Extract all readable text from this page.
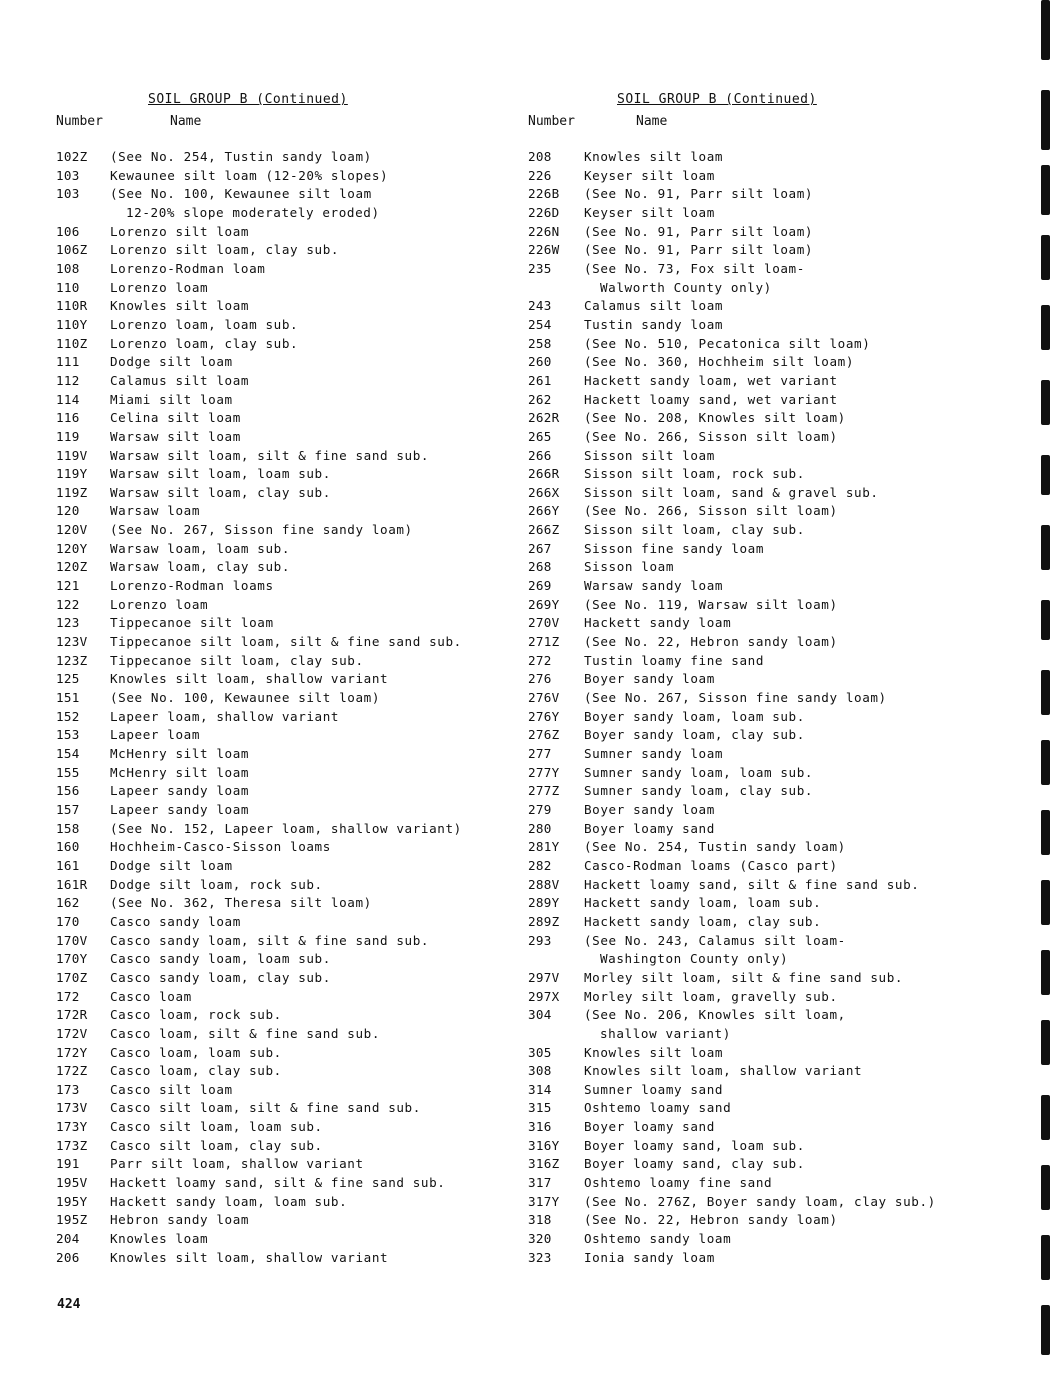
SOIL GROUP B (Continued)
Number	Name
102Z	(See No. 254, Tustin sandy loam)
103	Kewaunee silt loam (12-20% slopes)
103	(See No. 100, Kewaunee silt loam
12-20% slope moderately eroded)
106	Lorenzo silt loam
106Z	Lorenzo silt loam, clay sub.
108	Lorenzo-Rodman loam
110	Lorenzo loam
110R	Knowles silt loam
110Y	Lorenzo loam, loam sub.
110Z	Lorenzo loam, clay sub.
111	Dodge silt loam
112	Calamus silt loam
114	Miami silt loam
116	Celina silt loam
119	Warsaw silt loam
119V	Warsaw silt loam, silt & fine sand sub.
119Y	Warsaw silt loam, loam sub.
119Z	Warsaw silt loam, clay sub.
120	Warsaw loam
120V	(See No. 267, Sisson fine sandy loam)
120Y	Warsaw loam, loam sub.
120Z	Warsaw loam, clay sub.
121	Lorenzo-Rodman loams
122	Lorenzo loam
123	Tippecanoe silt loam
123V	Tippecanoe silt loam, silt & fine sand sub.
123Z	Tippecanoe silt loam, clay sub.
125	Knowles silt loam, shallow variant
151	(See No. 100, Kewaunee silt loam)
152	Lapeer loam, shallow variant
153	Lapeer loam
154	McHenry silt loam
155	McHenry silt loam
156	Lapeer sandy loam
157	Lapeer sandy loam
158	(See No. 152, Lapeer loam, shallow variant)
160	Hochheim-Casco-Sisson loams
161	Dodge silt loam
161R	Dodge silt loam, rock sub.
162	(See No. 362, Theresa silt loam)
170	Casco sandy loam
170V	Casco sandy loam, silt & fine sand sub.
170Y	Casco sandy loam, loam sub.
170Z	Casco sandy loam, clay sub.
172	Casco loam
172R	Casco loam, rock sub.
172V	Casco loam, silt & fine sand sub.
172Y	Casco loam, loam sub.
172Z	Casco loam, clay sub.
173	Casco silt loam
173V	Casco silt loam, silt & fine sand sub.
173Y	Casco silt loam, loam sub.
173Z	Casco silt loam, clay sub.
191	Parr silt loam, shallow variant
195V	Hackett loamy sand, silt & fine sand sub.
195Y	Hackett sandy loam, loam sub.
195Z	Hebron sandy loam
204	Knowles loam
206	Knowles silt loam, shallow variant
SOIL GROUP B (Continued)
Number	Name
208	Knowles silt loam
226	Keyser silt loam
226B	(See No. 91, Parr silt loam)
226D	Keyser silt loam
226N	(See No. 91, Parr silt loam)
226W	(See No. 91, Parr silt loam)
235	(See No. 73, Fox silt loam-
Walworth County only)
243	Calamus silt loam
254	Tustin sandy loam
258	(See No. 510, Pecatonica silt loam)
260	(See No. 360, Hochheim silt loam)
261	Hackett sandy loam, wet variant
262	Hackett loamy sand, wet variant
262R	(See No. 208, Knowles silt loam)
265	(See No. 266, Sisson silt loam)
266	Sisson silt loam
266R	Sisson silt loam, rock sub.
266X	Sisson silt loam, sand & gravel sub.
266Y	(See No. 266, Sisson silt loam)
266Z	Sisson silt loam, clay sub.
267	Sisson fine sandy loam
268	Sisson loam
269	Warsaw sandy loam
269Y	(See No. 119, Warsaw silt loam)
270V	Hackett sandy loam
271Z	(See No. 22, Hebron sandy loam)
272	Tustin loamy fine sand
276	Boyer sandy loam
276V	(See No. 267, Sisson fine sandy loam)
276Y	Boyer sandy loam, loam sub.
276Z	Boyer sandy loam, clay sub.
277	Sumner sandy loam
277Y	Sumner sandy loam, loam sub.
277Z	Sumner sandy loam, clay sub.
279	Boyer sandy loam
280	Boyer loamy sand
281Y	(See No. 254, Tustin sandy loam)
282	Casco-Rodman loams (Casco part)
288V	Hackett loamy sand, silt & fine sand sub.
289Y	Hackett sandy loam, loam sub.
289Z	Hackett sandy loam, clay sub.
293	(See No. 243, Calamus silt loam-
Washington County only)
297V	Morley silt loam, silt & fine sand sub.
297X	Morley silt loam, gravelly sub.
304	(See No. 206, Knowles silt loam,
shallow variant)
305	Knowles silt loam
308	Knowles silt loam, shallow variant
314	Sumner loamy sand
315	Oshtemo loamy sand
316	Boyer loamy sand
316Y	Boyer loamy sand, loam sub.
316Z	Boyer loamy sand, clay sub.
317	Oshtemo loamy fine sand
317Y	(See No. 276Z, Boyer sandy loam, clay sub.)
318	(See No. 22, Hebron sandy loam)
320	Oshtemo sandy loam
323	Ionia sandy loam
424
